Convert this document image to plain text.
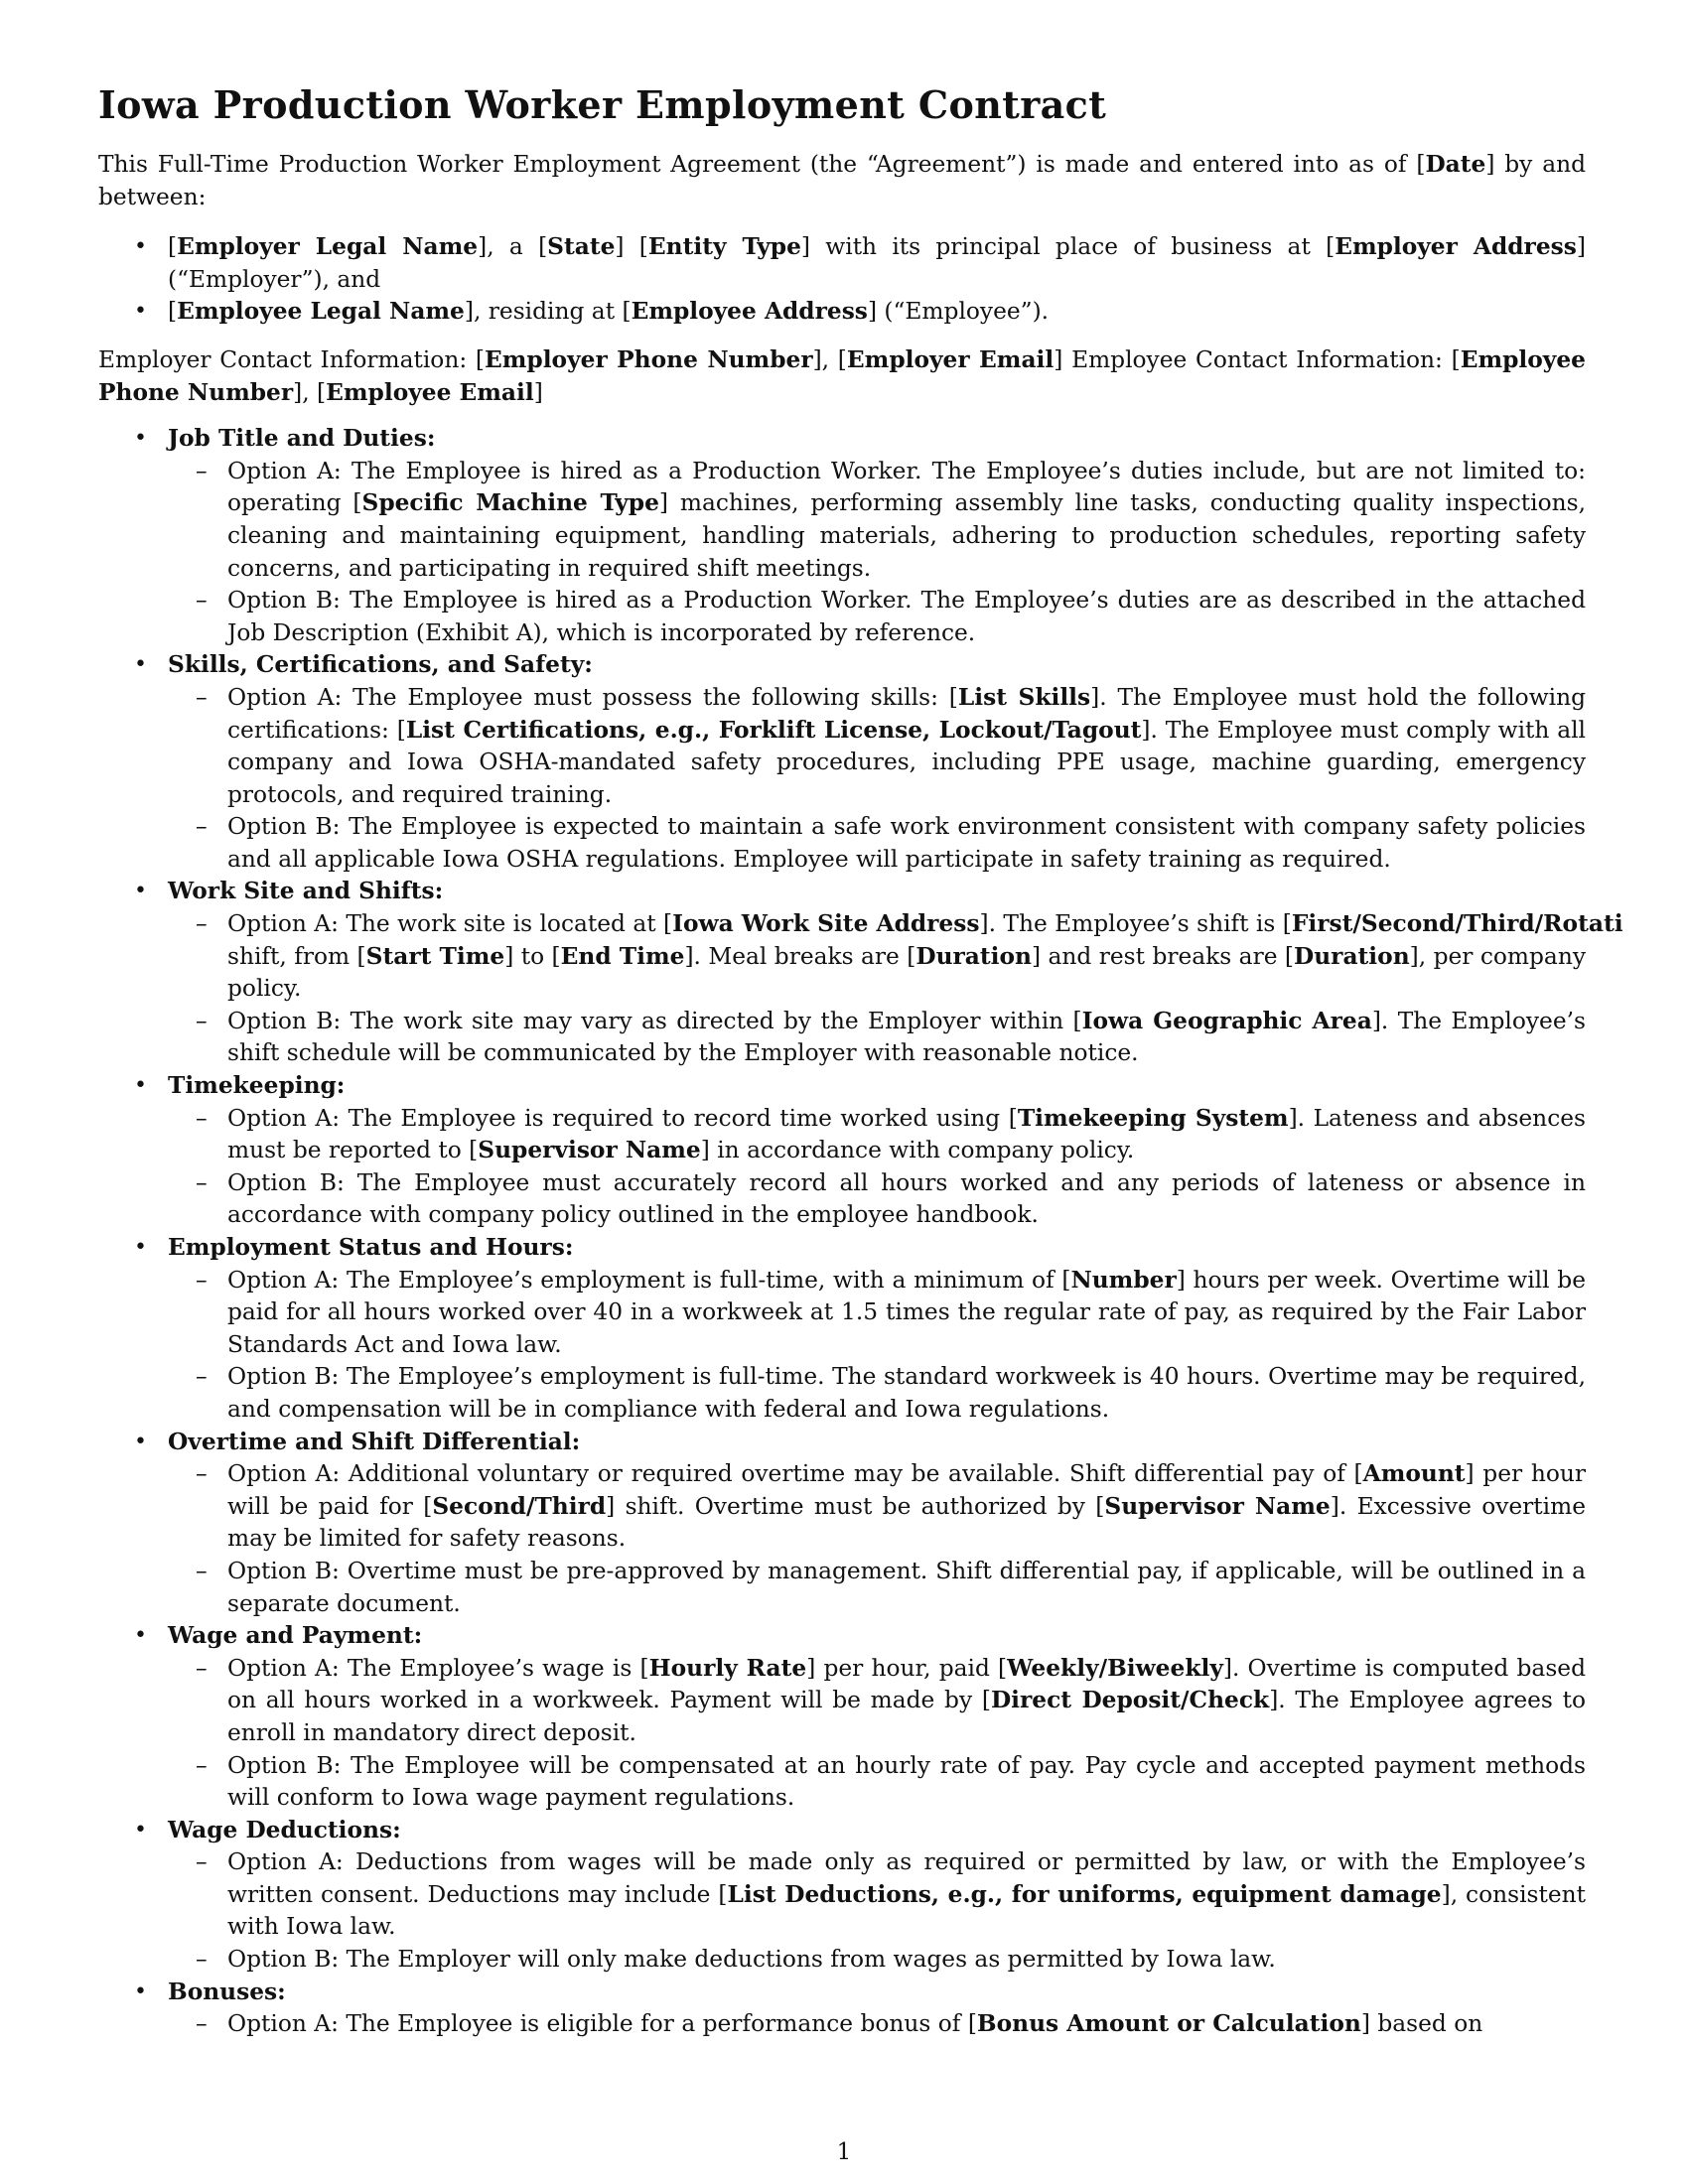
Iowa Production Worker Employment Contract

This Full-Time Production Worker Employment Agreement (the “Agreement”) is made and entered into as of [Date] by and between:

• [Employer Legal Name], a [State] [Entity Type] with its principal place of business at [Employer Address] (“Employer”), and
• [Employee Legal Name], residing at [Employee Address] (“Employee”).

Employer Contact Information: [Employer Phone Number], [Employer Email] Employee Contact Information: [Employee Phone Number], [Employee Email]

• Job Title and Duties:
– Option A: The Employee is hired as a Production Worker. The Employee’s duties include, but are not limited to: operating [Specific Machine Type] machines, performing assembly line tasks, conducting quality inspections, cleaning and maintaining equipment, handling materials, adhering to production schedules, reporting safety concerns, and participating in required shift meetings.
– Option B: The Employee is hired as a Production Worker. The Employee’s duties are as described in the attached Job Description (Exhibit A), which is incorporated by reference.
• Skills, Certifications, and Safety:
– Option A: The Employee must possess the following skills: [List Skills]. The Employee must hold the following certifications: [List Certifications, e.g., Forklift License, Lockout/Tagout]. The Employee must comply with all company and Iowa OSHA-mandated safety procedures, including PPE usage, machine guarding, emergency protocols, and required training.
– Option B: The Employee is expected to maintain a safe work environment consistent with company safety policies and all applicable Iowa OSHA regulations. Employee will participate in safety training as required.
• Work Site and Shifts:
– Option A: The work site is located at [Iowa Work Site Address]. The Employee’s shift is [First/Second/Third/Rotati
shift, from [Start Time] to [End Time]. Meal breaks are [Duration] and rest breaks are [Duration], per company policy.
– Option B: The work site may vary as directed by the Employer within [Iowa Geographic Area]. The Employee’s shift schedule will be communicated by the Employer with reasonable notice.
• Timekeeping:
– Option A: The Employee is required to record time worked using [Timekeeping System]. Lateness and absences must be reported to [Supervisor Name] in accordance with company policy.
– Option B: The Employee must accurately record all hours worked and any periods of lateness or absence in accordance with company policy outlined in the employee handbook.
• Employment Status and Hours:
– Option A: The Employee’s employment is full-time, with a minimum of [Number] hours per week. Overtime will be paid for all hours worked over 40 in a workweek at 1.5 times the regular rate of pay, as required by the Fair Labor Standards Act and Iowa law.
– Option B: The Employee’s employment is full-time. The standard workweek is 40 hours. Overtime may be required, and compensation will be in compliance with federal and Iowa regulations.
• Overtime and Shift Differential:
– Option A: Additional voluntary or required overtime may be available. Shift differential pay of [Amount] per hour will be paid for [Second/Third] shift. Overtime must be authorized by [Supervisor Name]. Excessive overtime may be limited for safety reasons.
– Option B: Overtime must be pre-approved by management. Shift differential pay, if applicable, will be outlined in a separate document.
• Wage and Payment:
– Option A: The Employee’s wage is [Hourly Rate] per hour, paid [Weekly/Biweekly]. Overtime is computed based on all hours worked in a workweek. Payment will be made by [Direct Deposit/Check]. The Employee agrees to enroll in mandatory direct deposit.
– Option B: The Employee will be compensated at an hourly rate of pay. Pay cycle and accepted payment methods will conform to Iowa wage payment regulations.
• Wage Deductions:
– Option A: Deductions from wages will be made only as required or permitted by law, or with the Employee’s written consent. Deductions may include [List Deductions, e.g., for uniforms, equipment damage], consistent with Iowa law.
– Option B: The Employer will only make deductions from wages as permitted by Iowa law.
• Bonuses:
– Option A: The Employee is eligible for a performance bonus of [Bonus Amount or Calculation] based on
1
